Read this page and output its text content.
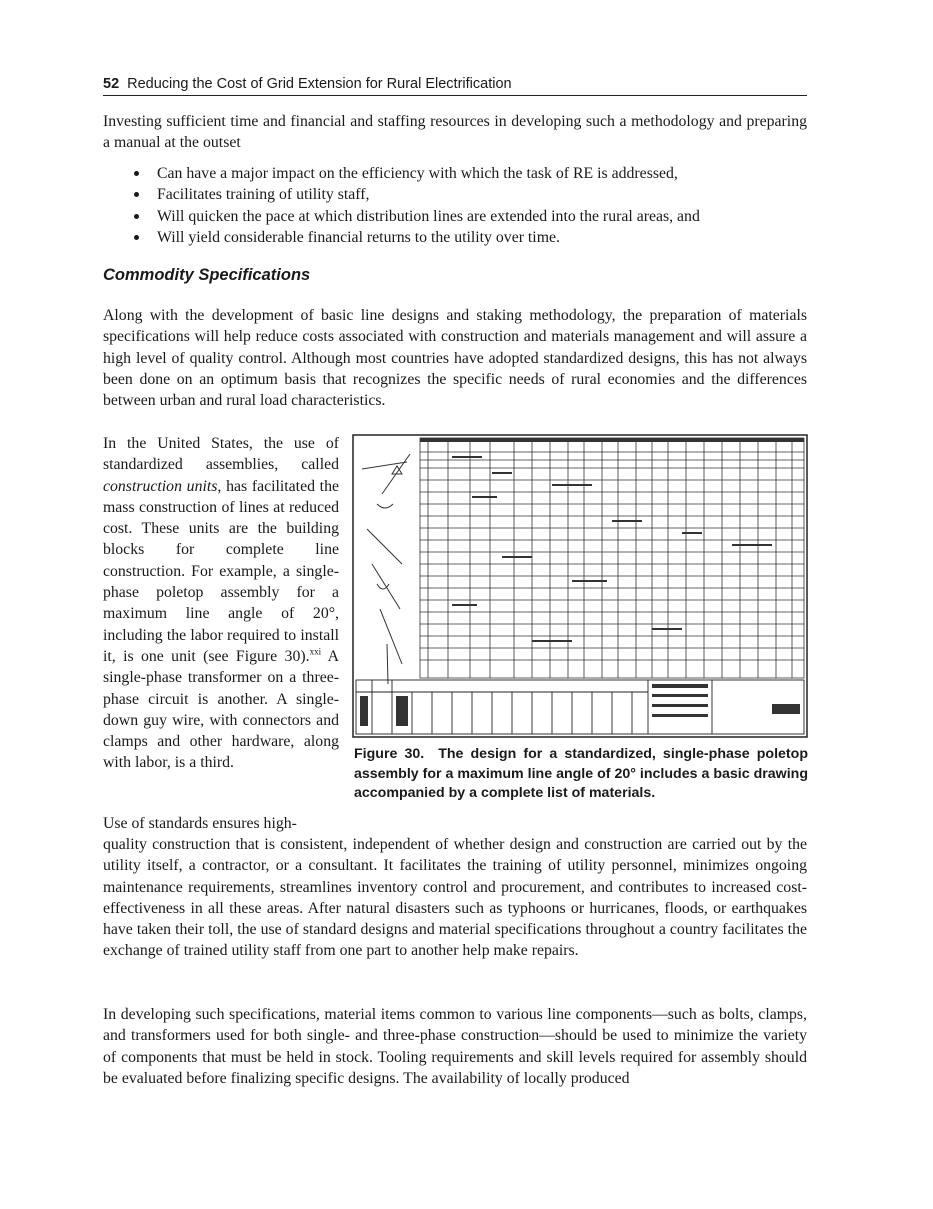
52 Reducing the Cost of Grid Extension for Rural Electrification

Investing sufficient time and financial and staffing resources in developing such a methodology and preparing a manual at the outset

Can have a major impact on the efficiency with which the task of RE is addressed,
Facilitates training of utility staff,
Will quicken the pace at which distribution lines are extended into the rural areas, and
Will yield considerable financial returns to the utility over time.
Commodity Specifications

Along with the development of basic line designs and staking methodology, the preparation of materials specifications will help reduce costs associated with construction and materials management and will assure a high level of quality control. Although most countries have adopted standardized designs, this has not always been done on an optimum basis that recognizes the specific needs of rural economies and the differences between urban and rural load characteristics.

In the United States, the use of standardized assemblies, called construction units, has facilitated the mass construction of lines at reduced cost. These units are the building blocks for complete line construction. For example, a single-phase poletop assembly for a maximum line angle of 20°, including the labor required to install it, is one unit (see Figure 30).$^{xxi}$ A single-phase transformer on a three-phase circuit is another. A single-down guy wire, with connectors and clamps and other hardware, along with labor, is a third.

Figure 30. The design for a standardized, single-phase poletop assembly for a maximum line angle of 20° includes a basic drawing accompanied by a complete list of materials.

Use of standards ensures high-

quality construction that is consistent, independent of whether design and construction are carried out by the utility itself, a contractor, or a consultant. It facilitates the training of utility personnel, minimizes ongoing maintenance requirements, streamlines inventory control and procurement, and contributes to increased cost-effectiveness in all these areas. After natural disasters such as typhoons or hurricanes, floods, or earthquakes have taken their toll, the use of standard designs and material specifications throughout a country facilitates the exchange of trained utility staff from one part to another help make repairs.

In developing such specifications, material items common to various line components—such as bolts, clamps, and transformers used for both single- and three-phase construction—should be used to minimize the variety of components that must be held in stock. Tooling requirements and skill levels required for assembly should be evaluated before finalizing specific designs. The availability of locally produced
